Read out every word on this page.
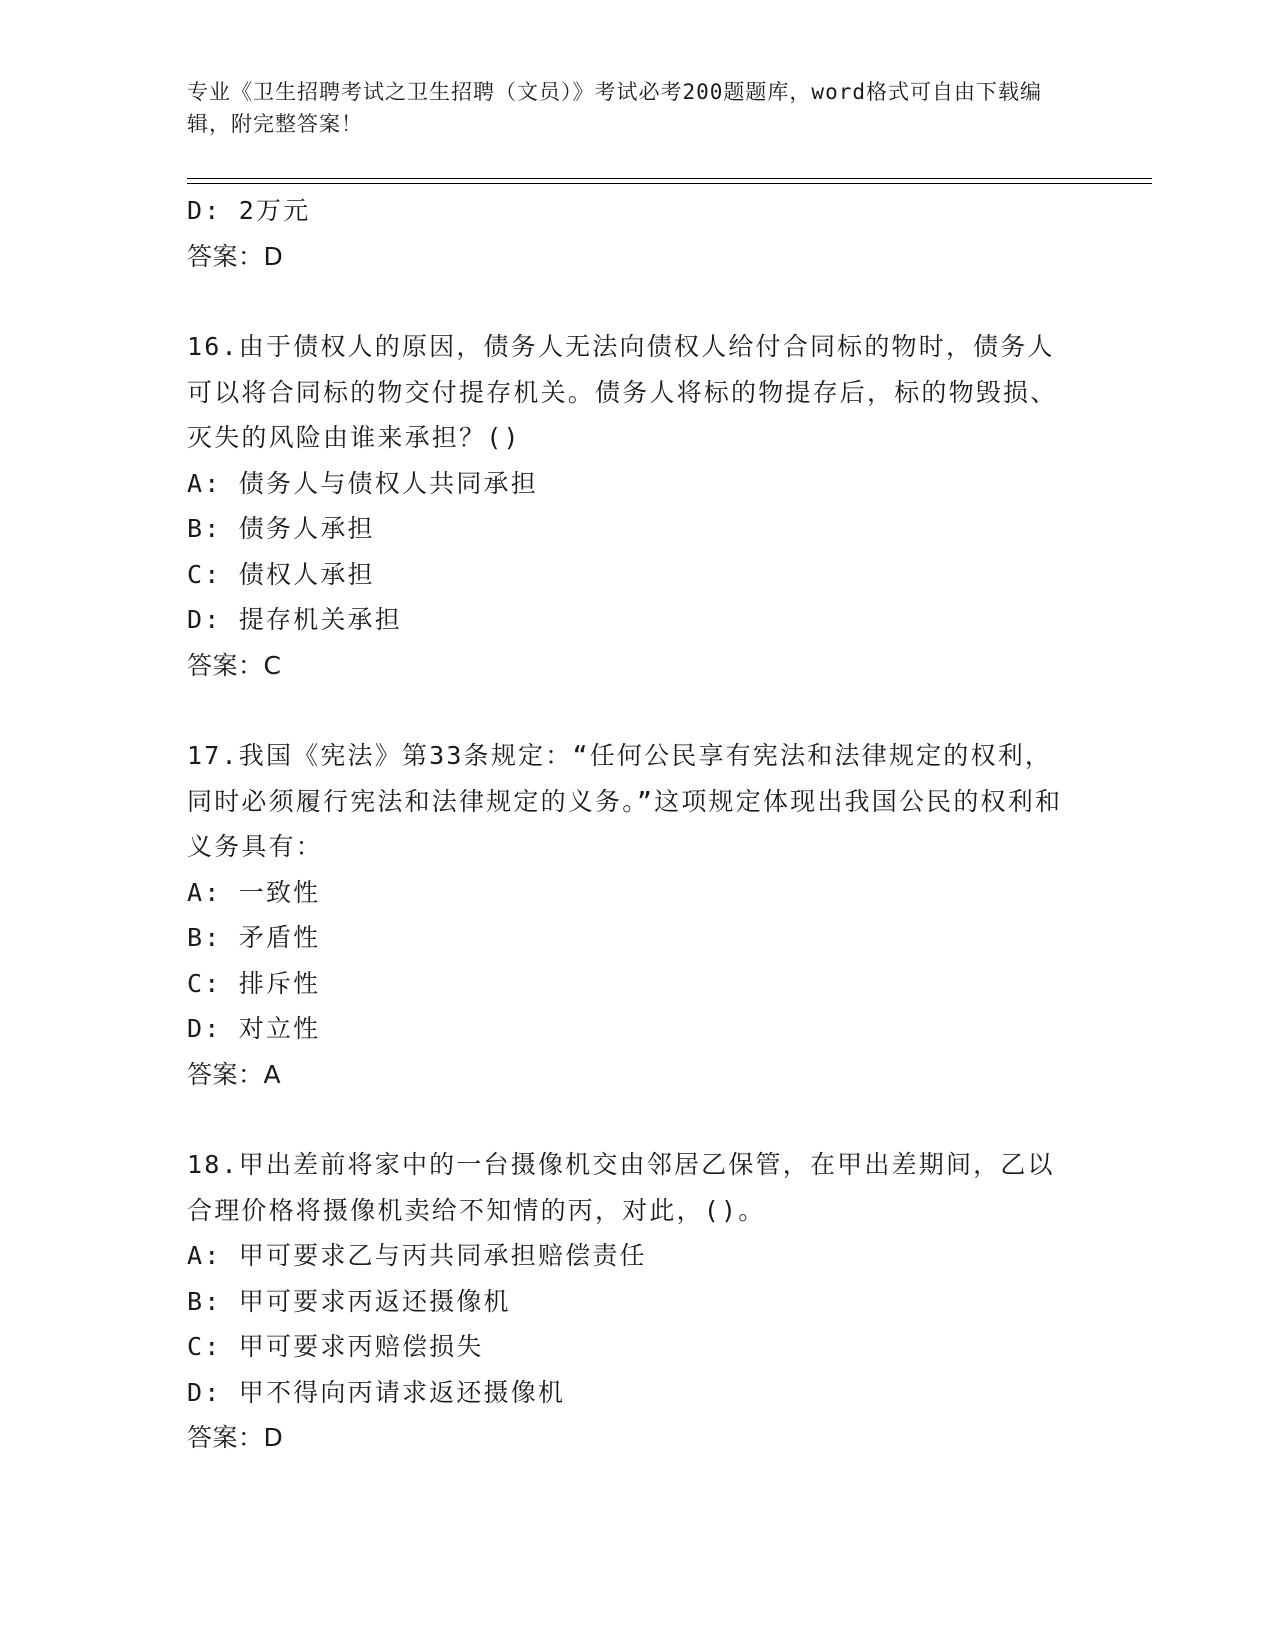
专业《卫生招聘考试之卫生招聘（文员）》考试必考200题题库，word格式可自由下载编辑，附完整答案！

D: 2万元

答案：D

16.由于债权人的原因，债务人无法向债权人给付合同标的物时，债务人可以将合同标的物交付提存机关。债务人将标的物提存后，标的物毁损、灭失的风险由谁来承担？()

A: 债务人与债权人共同承担

B: 债务人承担

C: 债权人承担

D: 提存机关承担

答案：C

17.我国《宪法》第33条规定：“任何公民享有宪法和法律规定的权利，同时必须履行宪法和法律规定的义务。”这项规定体现出我国公民的权利和义务具有：

A: 一致性

B: 矛盾性

C: 排斥性

D: 对立性

答案：A

18.甲出差前将家中的一台摄像机交由邻居乙保管，在甲出差期间，乙以合理价格将摄像机卖给不知情的丙，对此，()。

A: 甲可要求乙与丙共同承担赔偿责任

B: 甲可要求丙返还摄像机

C: 甲可要求丙赔偿损失

D: 甲不得向丙请求返还摄像机

答案：D
